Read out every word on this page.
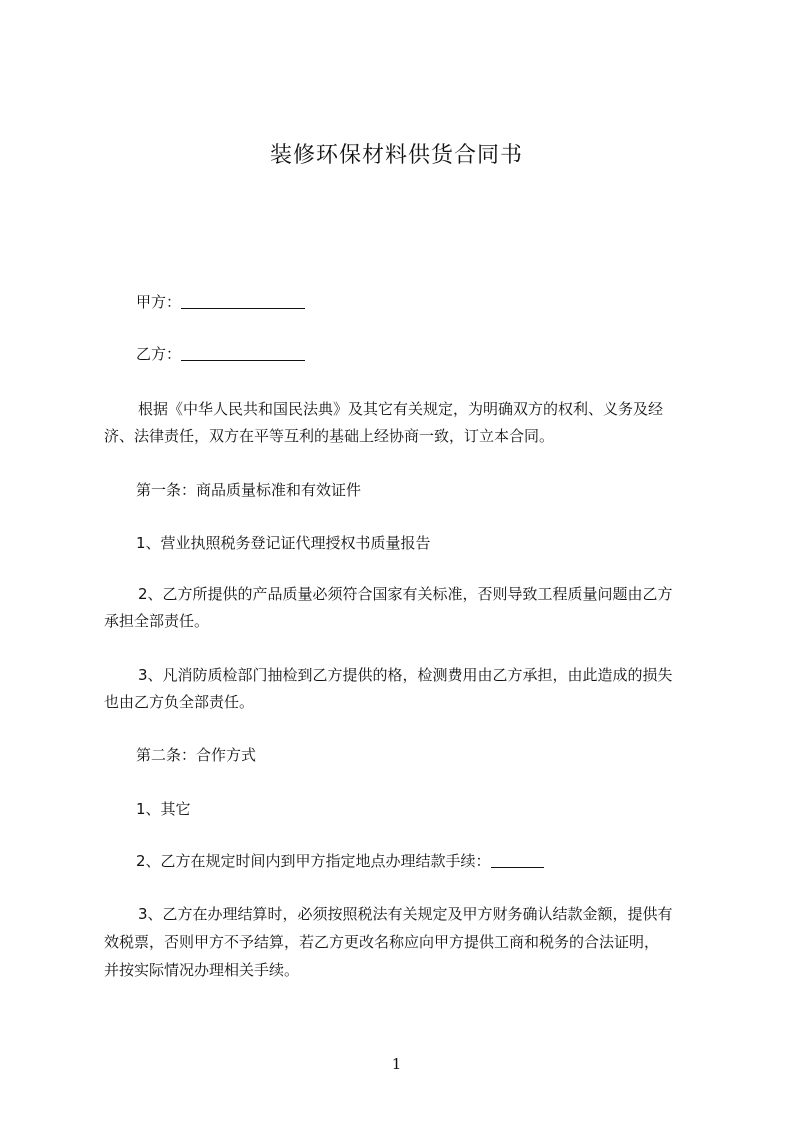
装修环保材料供货合同书
甲方：
乙方：
根据《中华人民共和国民法典》及其它有关规定，为明确双方的权利、义务及经
济、法律责任，双方在平等互利的基础上经协商一致，订立本合同。
第一条：商品质量标准和有效证件
1、营业执照税务登记证代理授权书质量报告
2、乙方所提供的产品质量必须符合国家有关标准，否则导致工程质量问题由乙方
承担全部责任。
3、凡消防质检部门抽检到乙方提供的格，检测费用由乙方承担，由此造成的损失
也由乙方负全部责任。
第二条：合作方式
1、其它
2、乙方在规定时间内到甲方指定地点办理结款手续：
3、乙方在办理结算时，必须按照税法有关规定及甲方财务确认结款金额，提供有
效税票，否则甲方不予结算，若乙方更改名称应向甲方提供工商和税务的合法证明，
并按实际情况办理相关手续。
1
